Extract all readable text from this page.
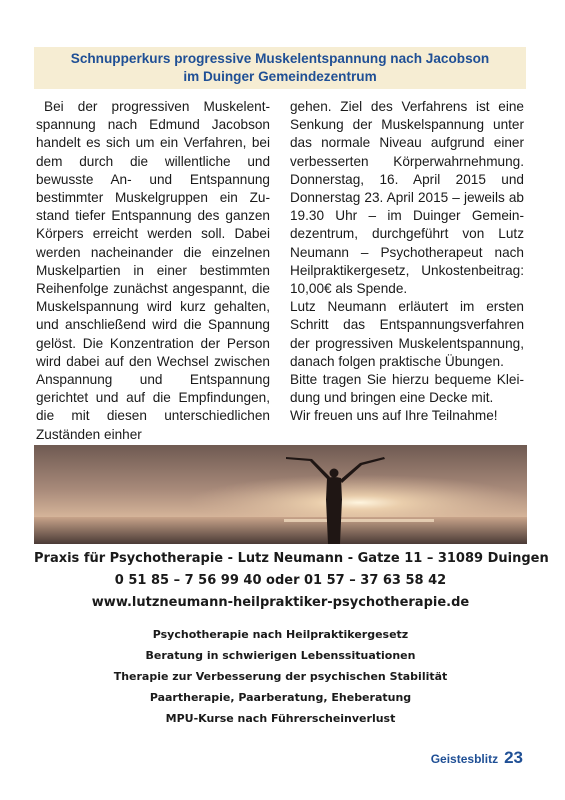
Schnupperkurs progressive Muskelentspannung nach Jacobson
im Duinger Gemeindezentrum

Bei der progressiven Muskelentspannung nach Edmund Jacobson handelt es sich um ein Verfahren, bei dem durch die willentliche und bewusste An- und Entspannung bestimmter Muskelgruppen ein Zustand tiefer Entspannung des ganzen Körpers erreicht werden soll. Dabei werden nacheinander die einzelnen Muskelpartien in einer bestimmten Reihenfolge zunächst angespannt, die Muskelspannung wird kurz gehalten, und anschließend wird die Spannung gelöst. Die Konzentration der Person wird dabei auf den Wechsel zwischen Anspannung und Entspannung gerichtet und auf die Empfindungen, die mit diesen unterschiedlichen Zuständen einher

gehen. Ziel des Verfahrens ist eine Senkung der Muskelspannung unter das normale Niveau aufgrund einer verbesserten Körperwahrnehmung. Donnerstag, 16. April 2015 und Donnerstag 23. April 2015 – jeweils ab 19.30 Uhr – im Duinger Gemeindezentrum, durchgeführt von Lutz Neumann – Psychotherapeut nach Heilpraktikergesetz, Unkostenbeitrag: 10,00€ als Spende.

Lutz Neumann erläutert im ersten Schritt das Entspannungsverfahren der progressiven Muskelentspannung, danach folgen praktische Übungen.

Bitte tragen Sie hierzu bequeme Kleidung und bringen eine Decke mit.

Wir freuen uns auf Ihre Teilnahme!

Praxis für Psychotherapie - Lutz Neumann - Gatze 11 – 31089 Duingen
0 51 85 – 7 56 99 40 oder 01 57 – 37 63 58 42
www.lutzneumann-heilpraktiker-psychotherapie.de
Psychotherapie nach Heilpraktikergesetz
Beratung in schwierigen Lebenssituationen
Therapie zur Verbesserung der psychischen Stabilität
Paartherapie, Paarberatung, Eheberatung
MPU-Kurse nach Führerscheinverlust
Geistesblitz 23
